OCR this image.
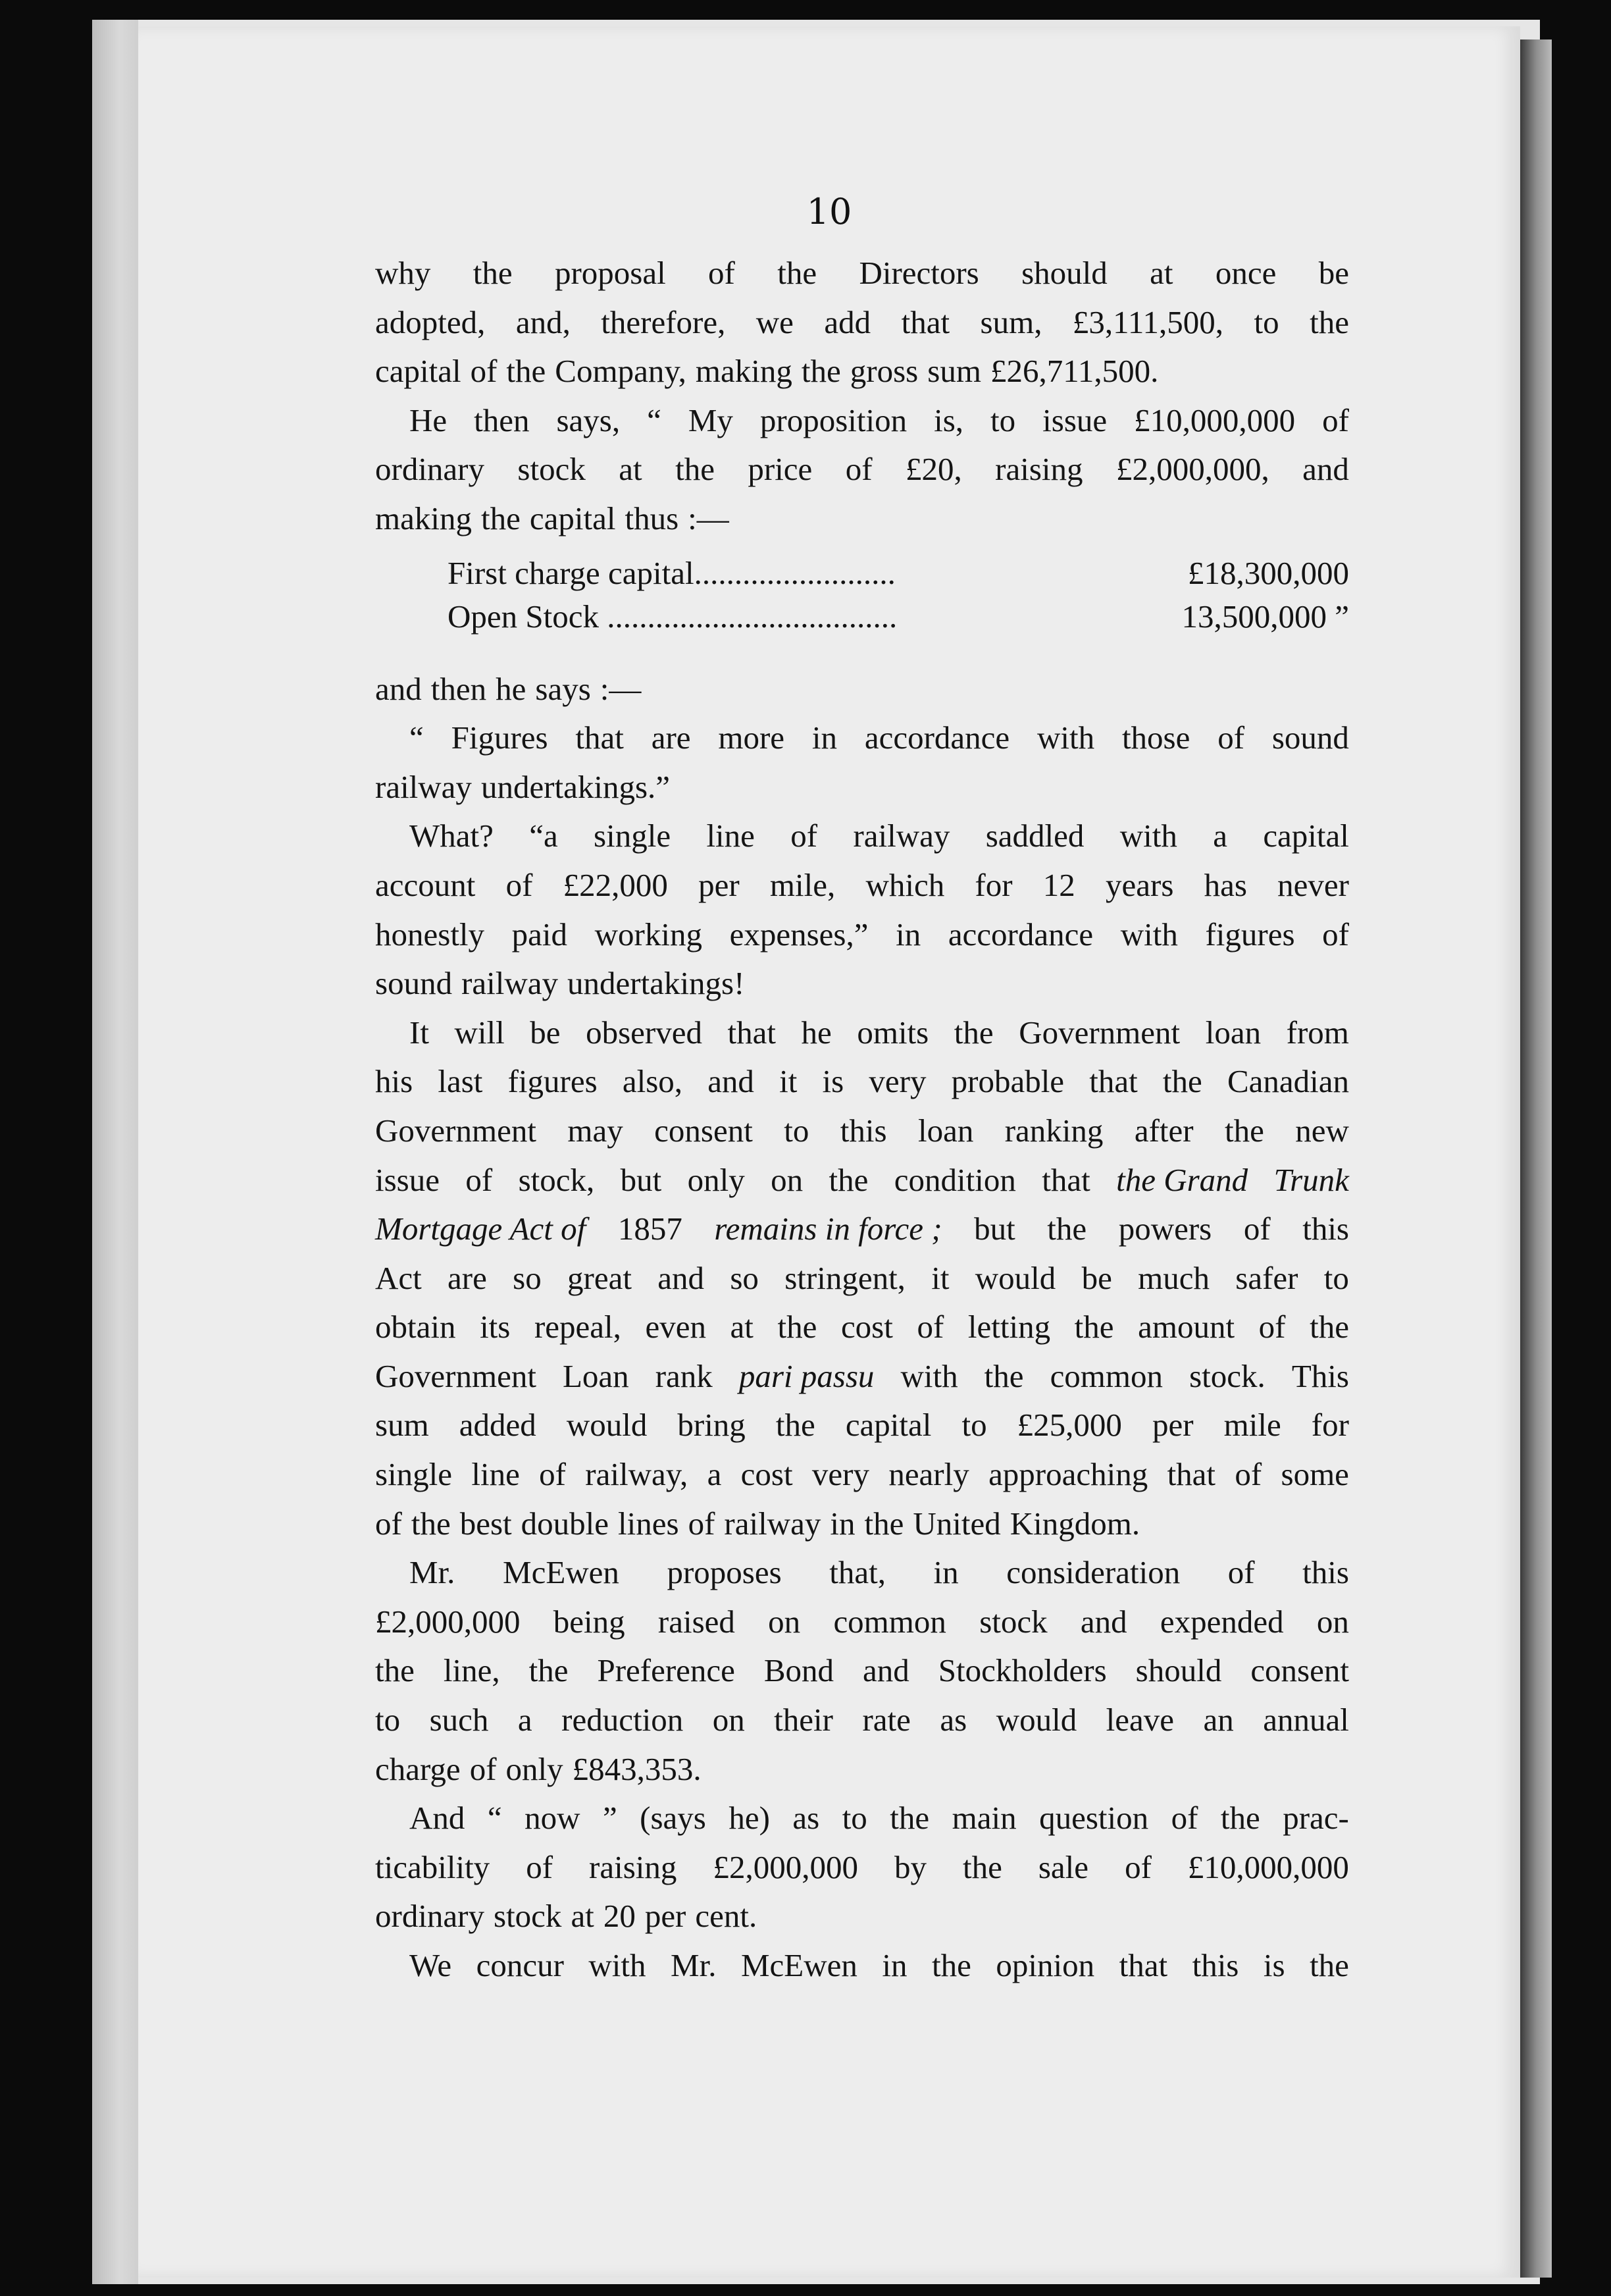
10
why the proposal of the Directors should at once be
adopted, and, therefore, we add that sum, £3,111,500, to the
capital of the Company, making the gross sum £26,711,500.
He then says, “ My proposition is, to issue £10,000,000 of
ordinary stock at the price of £20, raising £2,000,000, and
making the capital thus :—
First charge capital.........................	£18,300,000
Open Stock ....................................	13,500,000 ”
and then he says :—
“ Figures that are more in accordance with those of sound
railway undertakings.”
What? “a single line of railway saddled with a capital
account of £22,000 per mile, which for 12 years has never
honestly paid working expenses,” in accordance with figures of
sound railway undertakings!
It will be observed that he omits the Government loan from
his last figures also, and it is very probable that the Canadian
Government may consent to this loan ranking after the new
issue of stock, but only on the condition that the Grand Trunk
Mortgage Act of 1857 remains in force ; but the powers of this
Act are so great and so stringent, it would be much safer to
obtain its repeal, even at the cost of letting the amount of the
Government Loan rank pari passu with the common stock. This
sum added would bring the capital to £25,000 per mile for
single line of railway, a cost very nearly approaching that of some
of the best double lines of railway in the United Kingdom.
Mr. McEwen proposes that, in consideration of this
£2,000,000 being raised on common stock and expended on
the line, the Preference Bond and Stockholders should consent
to such a reduction on their rate as would leave an annual
charge of only £843,353.
And “ now ” (says he) as to the main question of the prac-
ticability of raising £2,000,000 by the sale of £10,000,000
ordinary stock at 20 per cent.
We concur with Mr. McEwen in the opinion that this is the
